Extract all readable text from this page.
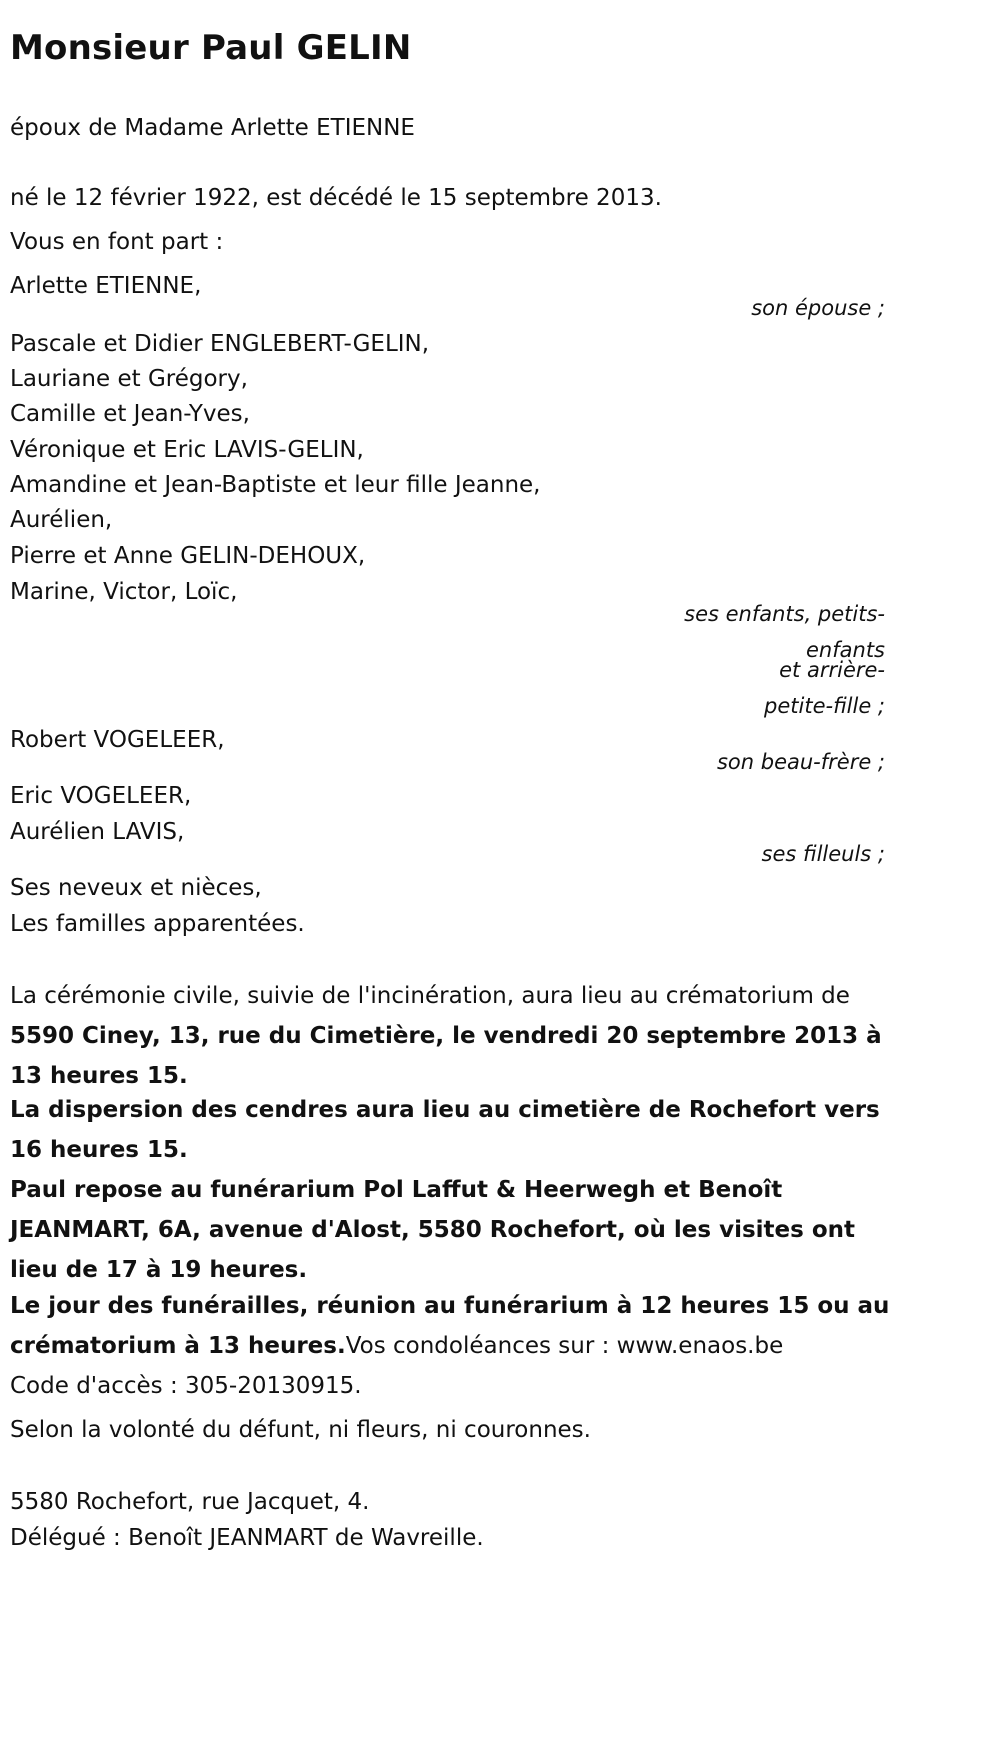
Monsieur Paul GELIN
époux de Madame Arlette ETIENNE
né le 12 février 1922, est décédé le 15 septembre 2013.
Vous en font part :
Arlette ETIENNE,
son épouse ;
Pascale et Didier ENGLEBERT-GELIN,
Lauriane et Grégory,
Camille et Jean-Yves,
Véronique et Eric LAVIS-GELIN,
Amandine et Jean-Baptiste et leur fille Jeanne,
Aurélien,
Pierre et Anne GELIN-DEHOUX,
Marine, Victor, Loïc,
ses enfants, petits-
enfants
et arrière-
petite-fille ;
Robert VOGELEER,
son beau-frère ;
Eric VOGELEER,
Aurélien LAVIS,
ses filleuls ;
Ses neveux et nièces,
Les familles apparentées.

La cérémonie civile, suivie de l'incinération, aura lieu au crématorium de 5590 Ciney, 13, rue du Cimetière, le vendredi 20 septembre 2013 à 13 heures 15.

La dispersion des cendres aura lieu au cimetière de Rochefort vers 16 heures 15.

Paul repose au funérarium Pol Laffut & Heerwegh et Benoît JEANMART, 6A, avenue d'Alost, 5580 Rochefort, où les visites ont lieu de 17 à 19 heures.

Le jour des funérailles, réunion au funérarium à 12 heures 15 ou au crématorium à 13 heures.Vos condoléances sur : www.enaos.be

Code d'accès : 305-20130915.
Selon la volonté du défunt, ni fleurs, ni couronnes.
5580 Rochefort, rue Jacquet, 4.
Délégué : Benoît JEANMART de Wavreille.
